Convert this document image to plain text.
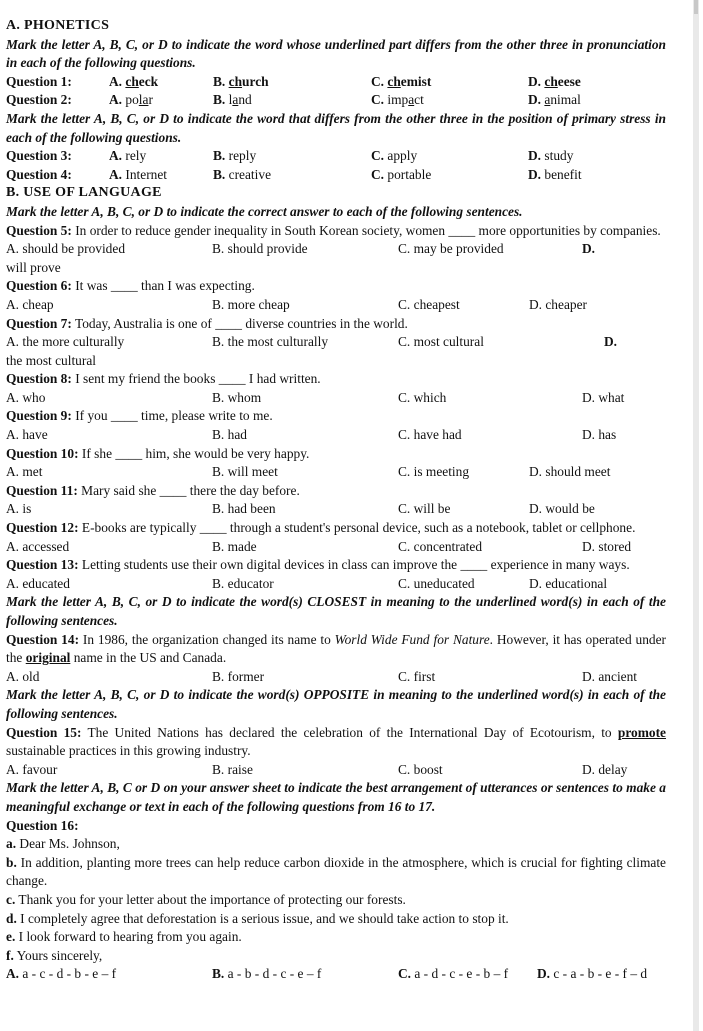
A. PHONETICS
Mark the letter A, B, C, or D to indicate the word whose underlined part differs from the other three in pronunciation in each of the following questions.
Question 1:	A. check	B. church	C. chemist	D. cheese
Question 2:	A. polar	B. land	C. impact	D. animal
Mark the letter A, B, C, or D to indicate the word that differs from the other three in the position of primary stress in each of the following questions.
Question 3:	A. rely	B. reply	C. apply	D. study
Question 4:	A. Internet	B. creative	C. portable	D. benefit
B. USE OF LANGUAGE
Mark the letter A, B, C, or D to indicate the correct answer to each of the following sentences.
Question 5: In order to reduce gender inequality in South Korean society, women ____ more opportunities by companies.
A. should be provided	B. should provide	C. may be provided	D.
will prove
Question 6: It was ____ than I was expecting.
A. cheap	B. more cheap	C. cheapest	D. cheaper
Question 7: Today, Australia is one of ____ diverse countries in the world.
A. the more culturally	B. the most culturally	C. most cultural	D.
the most cultural
Question 8: I sent my friend the books ____ I had written.
A. who	B. whom	C. which	D. what
Question 9: If you ____ time, please write to me.
A. have	B. had	C. have had	D. has
Question 10: If she ____ him, she would be very happy.
A. met	B. will meet	C. is meeting	D. should meet
Question 11: Mary said she ____ there the day before.
A. is	B. had been	C. will be	D. would be
Question 12: E-books are typically ____ through a student's personal device, such as a notebook, tablet or cellphone.
A. accessed	B. made	C. concentrated	D. stored
Question 13: Letting students use their own digital devices in class can improve the ____ experience in many ways.
A. educated	B. educator	C. uneducated	D. educational
Mark the letter A, B, C, or D to indicate the word(s) CLOSEST in meaning to the underlined word(s) in each of the following sentences.
Question 14: In 1986, the organization changed its name to World Wide Fund for Nature. However, it has operated under the original name in the US and Canada.
A. old	B. former	C. first	D. ancient
Mark the letter A, B, C, or D to indicate the word(s) OPPOSITE in meaning to the underlined word(s) in each of the following sentences.
Question 15: The United Nations has declared the celebration of the International Day of Ecotourism, to promote sustainable practices in this growing industry.
A. favour	B. raise	C. boost	D. delay
Mark the letter A, B, C or D on your answer sheet to indicate the best arrangement of utterances or sentences to make a meaningful exchange or text in each of the following questions from 16 to 17.
Question 16:
a. Dear Ms. Johnson,
b. In addition, planting more trees can help reduce carbon dioxide in the atmosphere, which is crucial for fighting climate change.
c. Thank you for your letter about the importance of protecting our forests.
d. I completely agree that deforestation is a serious issue, and we should take action to stop it.
e. I look forward to hearing from you again.
f. Yours sincerely,
A. a - c - d - b - e – f	B. a - b - d - c - e – f	C. a - d - c - e - b – f	D. c - a - b - e - f – d
